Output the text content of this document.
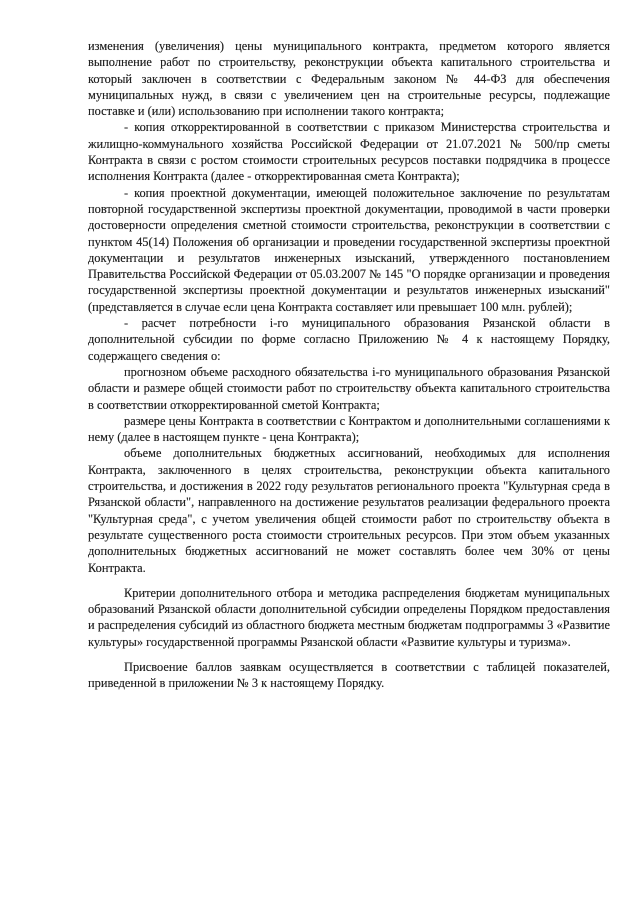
изменения (увеличения) цены муниципального контракта, предметом которого является выполнение работ по строительству, реконструкции объекта капитального строительства и который заключен в соответствии с Федеральным законом № 44-ФЗ для обеспечения муниципальных нужд, в связи с увеличением цен на строительные ресурсы, подлежащие поставке и (или) использованию при исполнении такого контракта;

- копия откорректированной в соответствии с приказом Министерства строительства и жилищно-коммунального хозяйства Российской Федерации от 21.07.2021 № 500/пр сметы Контракта в связи с ростом стоимости строительных ресурсов поставки подрядчика в процессе исполнения Контракта (далее - откорректированная смета Контракта);

- копия проектной документации, имеющей положительное заключение по результатам повторной государственной экспертизы проектной документации, проводимой в части проверки достоверности определения сметной стоимости строительства, реконструкции в соответствии с пунктом 45(14) Положения об организации и проведении государственной экспертизы проектной документации и результатов инженерных изысканий, утвержденного постановлением Правительства Российской Федерации от 05.03.2007 № 145 "О порядке организации и проведения государственной экспертизы проектной документации и результатов инженерных изысканий" (представляется в случае если цена Контракта составляет или превышает 100 млн. рублей);

- расчет потребности i-го муниципального образования Рязанской области в дополнительной субсидии по форме согласно Приложению № 4 к настоящему Порядку, содержащего сведения о:

прогнозном объеме расходного обязательства i-го муниципального образования Рязанской области и размере общей стоимости работ по строительству объекта капитального строительства в соответствии откорректированной сметой Контракта;

размере цены Контракта в соответствии с Контрактом и дополнительными соглашениями к нему (далее в настоящем пункте - цена Контракта);

объеме дополнительных бюджетных ассигнований, необходимых для исполнения Контракта, заключенного в целях строительства, реконструкции объекта капитального строительства, и достижения в 2022 году результатов регионального проекта "Культурная среда в Рязанской области", направленного на достижение результатов реализации федерального проекта "Культурная среда", с учетом увеличения общей стоимости работ по строительству объекта в результате существенного роста стоимости строительных ресурсов. При этом объем указанных дополнительных бюджетных ассигнований не может составлять более чем 30% от цены Контракта.

Критерии дополнительного отбора и методика распределения бюджетам муниципальных образований Рязанской области дополнительной субсидии определены Порядком предоставления и распределения субсидий из областного бюджета местным бюджетам подпрограммы 3 «Развитие культуры» государственной программы Рязанской области «Развитие культуры и туризма».

Присвоение баллов заявкам осуществляется в соответствии с таблицей показателей, приведенной в приложении № 3 к настоящему Порядку.
